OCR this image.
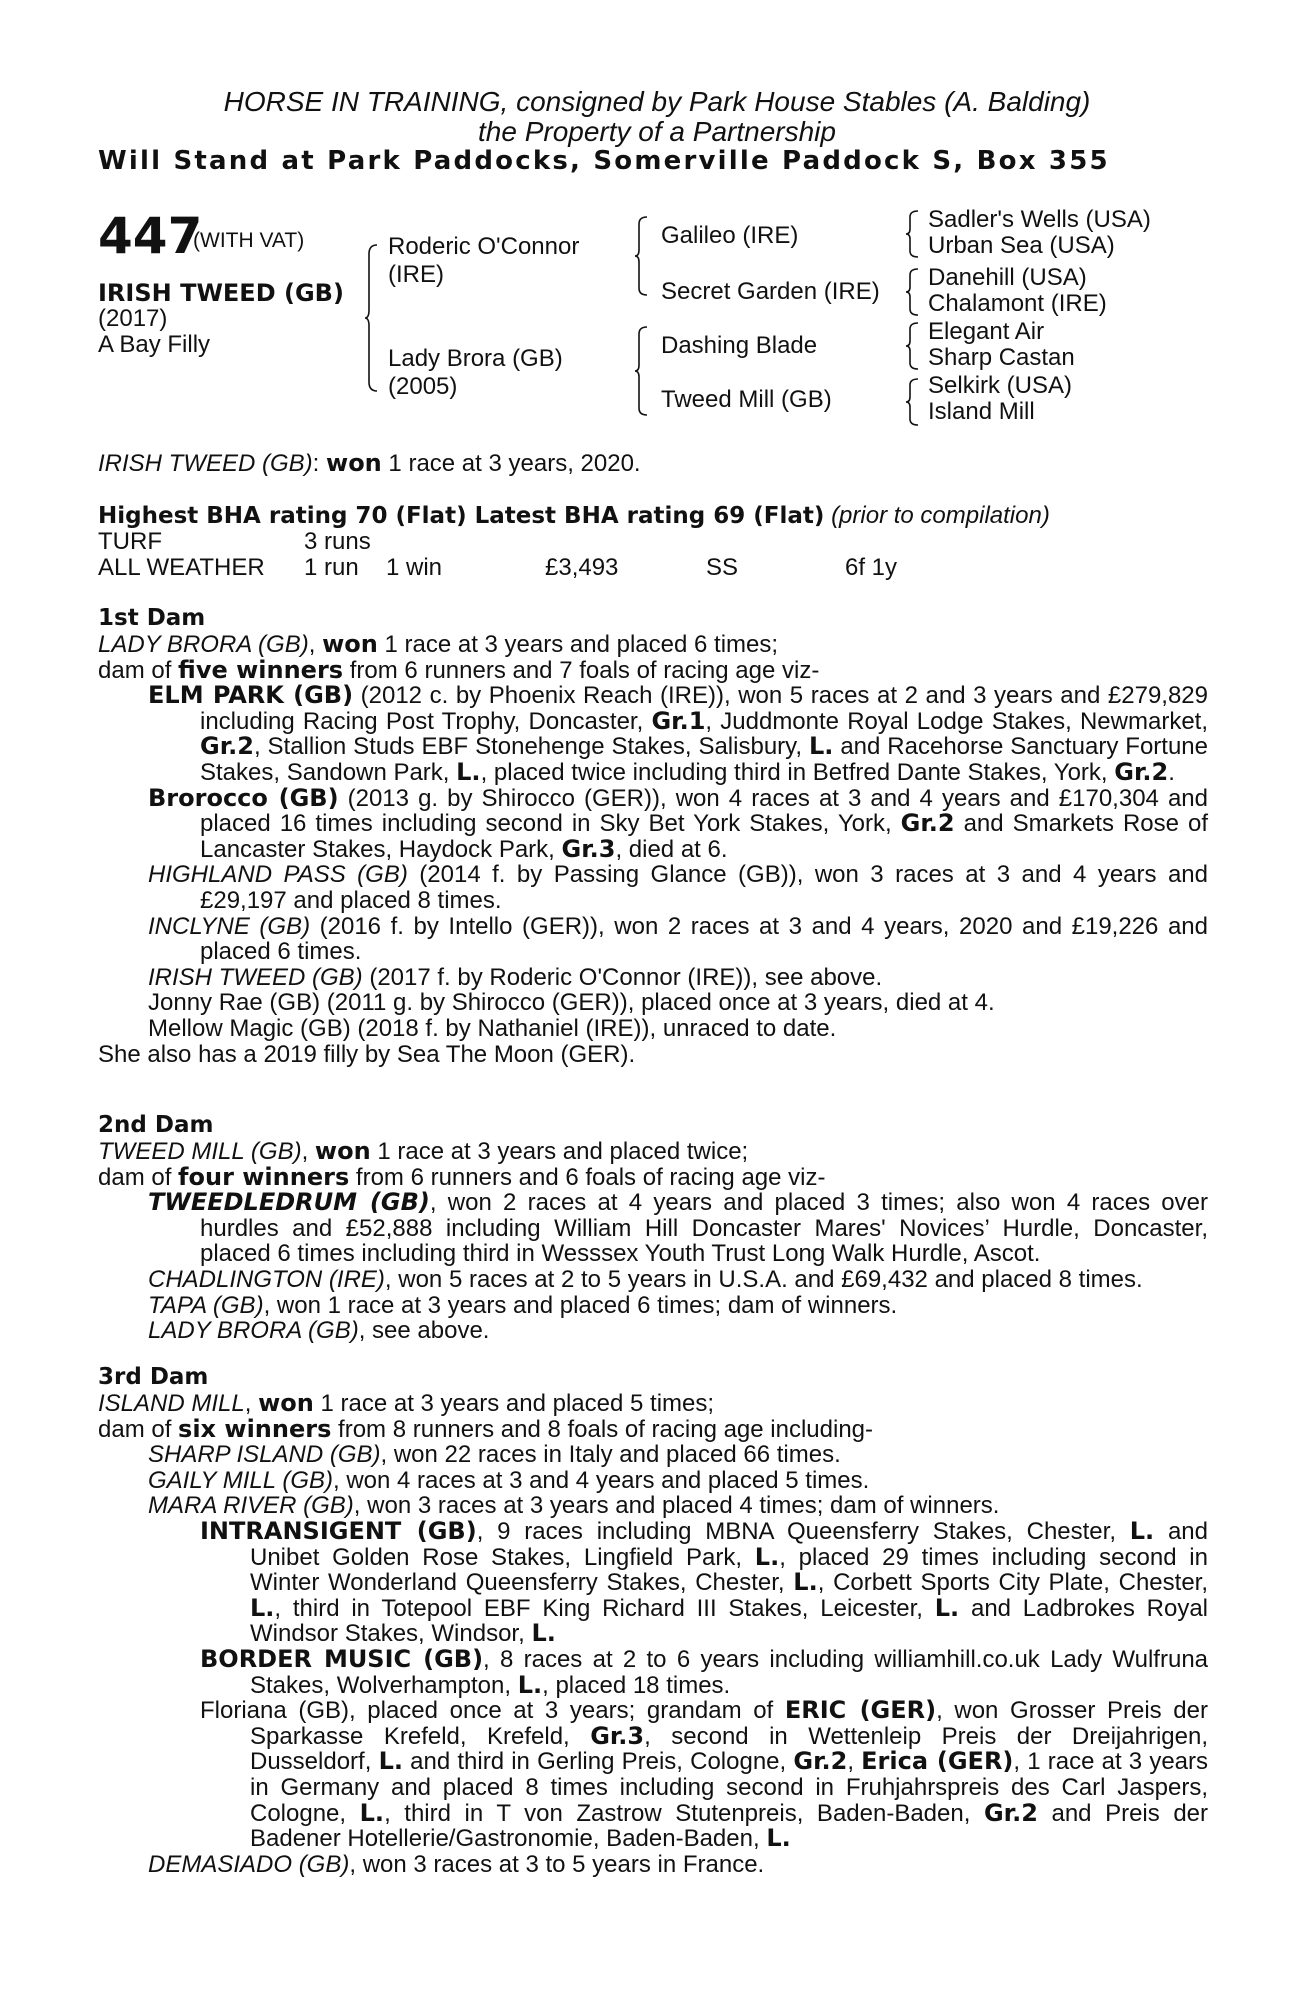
HORSE IN TRAINING, consigned by Park House Stables (A. Balding)
the Property of a Partnership
Will Stand at Park Paddocks, Somerville Paddock S, Box 355
447
(WITH VAT)
IRISH TWEED (GB)
(2017)
A Bay Filly
Roderic O'Connor
(IRE)
Lady Brora (GB)
(2005)
Galileo (IRE)
Secret Garden (IRE)
Dashing Blade
Tweed Mill (GB)
Sadler's Wells (USA)
Urban Sea (USA)
Danehill (USA)
Chalamont (IRE)
Elegant Air
Sharp Castan
Selkirk (USA)
Island Mill
IRISH TWEED (GB): won 1 race at 3 years, 2020.
Highest BHA rating 70 (Flat) Latest BHA rating 69 (Flat) (prior to compilation)
TURF	3 runs
ALL WEATHER 1 run 1 win	£3,493	SS	6f 1y
1st Dam

LADY BRORA (GB), won 1 race at 3 years and placed 6 times;

dam of five winners from 6 runners and 7 foals of racing age viz-

ELM PARK (GB) (2012 c. by Phoenix Reach (IRE)), won 5 races at 2 and 3 years and £279,829 including Racing Post Trophy, Doncaster, Gr.1, Juddmonte Royal Lodge Stakes, Newmarket, Gr.2, Stallion Studs EBF Stonehenge Stakes, Salisbury, L. and Racehorse Sanctuary Fortune Stakes, Sandown Park, L., placed twice including third in Betfred Dante Stakes, York, Gr.2.

Brorocco (GB) (2013 g. by Shirocco (GER)), won 4 races at 3 and 4 years and £170,304 and placed 16 times including second in Sky Bet York Stakes, York, Gr.2 and Smarkets Rose of Lancaster Stakes, Haydock Park, Gr.3, died at 6.

HIGHLAND PASS (GB) (2014 f. by Passing Glance (GB)), won 3 races at 3 and 4 years and £29,197 and placed 8 times.

INCLYNE (GB) (2016 f. by Intello (GER)), won 2 races at 3 and 4 years, 2020 and £19,226 and placed 6 times.

IRISH TWEED (GB) (2017 f. by Roderic O'Connor (IRE)), see above.

Jonny Rae (GB) (2011 g. by Shirocco (GER)), placed once at 3 years, died at 4.

Mellow Magic (GB) (2018 f. by Nathaniel (IRE)), unraced to date.

She also has a 2019 filly by Sea The Moon (GER).

2nd Dam

TWEED MILL (GB), won 1 race at 3 years and placed twice;

dam of four winners from 6 runners and 6 foals of racing age viz-

TWEEDLEDRUM (GB), won 2 races at 4 years and placed 3 times; also won 4 races over hurdles and £52,888 including William Hill Doncaster Mares' Novices’ Hurdle, Doncaster, placed 6 times including third in Wesssex Youth Trust Long Walk Hurdle, Ascot.

CHADLINGTON (IRE), won 5 races at 2 to 5 years in U.S.A. and £69,432 and placed 8 times.

TAPA (GB), won 1 race at 3 years and placed 6 times; dam of winners.

LADY BRORA (GB), see above.

3rd Dam

ISLAND MILL, won 1 race at 3 years and placed 5 times;

dam of six winners from 8 runners and 8 foals of racing age including-

SHARP ISLAND (GB), won 22 races in Italy and placed 66 times.

GAILY MILL (GB), won 4 races at 3 and 4 years and placed 5 times.

MARA RIVER (GB), won 3 races at 3 years and placed 4 times; dam of winners.

INTRANSIGENT (GB), 9 races including MBNA Queensferry Stakes, Chester, L. and Unibet Golden Rose Stakes, Lingfield Park, L., placed 29 times including second in Winter Wonderland Queensferry Stakes, Chester, L., Corbett Sports City Plate, Chester, L., third in Totepool EBF King Richard III Stakes, Leicester, L. and Ladbrokes Royal Windsor Stakes, Windsor, L.

BORDER MUSIC (GB), 8 races at 2 to 6 years including williamhill.co.uk Lady Wulfruna Stakes, Wolverhampton, L., placed 18 times.

Floriana (GB), placed once at 3 years; grandam of ERIC (GER), won Grosser Preis der Sparkasse Krefeld, Krefeld, Gr.3, second in Wettenleip Preis der Dreijahrigen, Dusseldorf, L. and third in Gerling Preis, Cologne, Gr.2, Erica (GER), 1 race at 3 years in Germany and placed 8 times including second in Fruhjahrspreis des Carl Jaspers, Cologne, L., third in T von Zastrow Stutenpreis, Baden-Baden, Gr.2 and Preis der Badener Hotellerie/Gastronomie, Baden-Baden, L.

DEMASIADO (GB), won 3 races at 3 to 5 years in France.
